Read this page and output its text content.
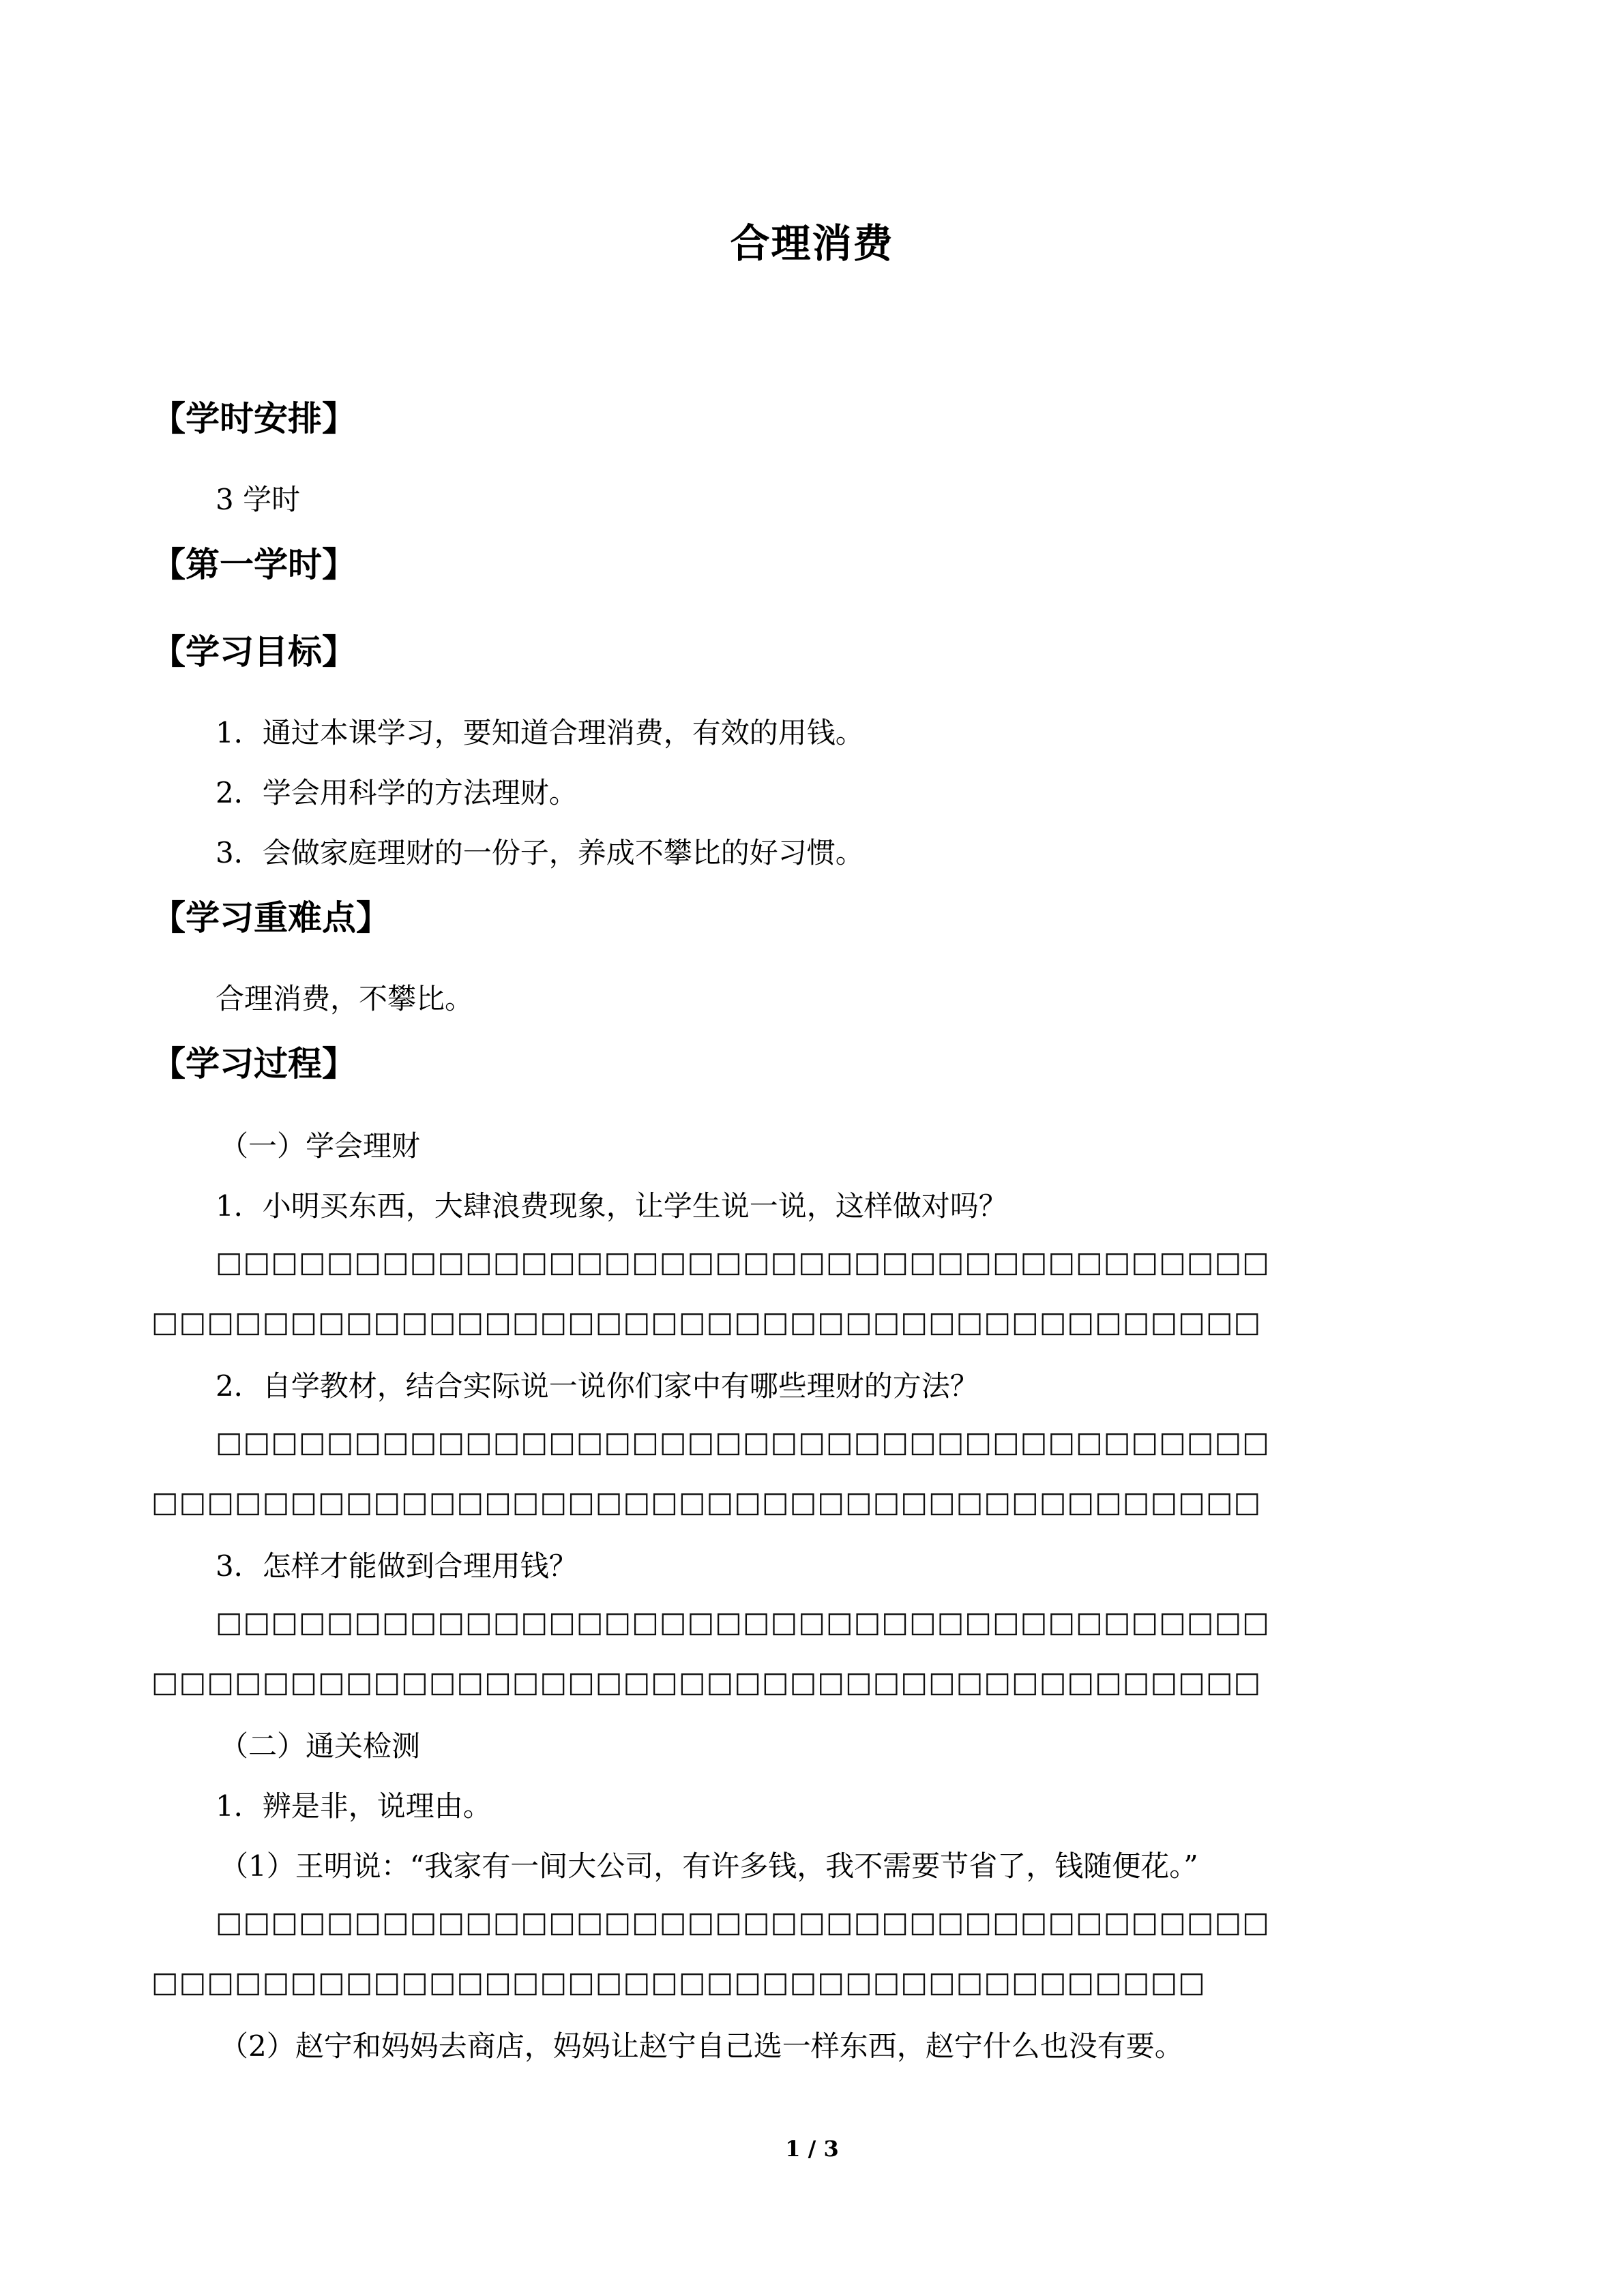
合理消费
【学时安排】
3 学时
【第一学时】
【学习目标】
1．通过本课学习，要知道合理消费，有效的用钱。
2．学会用科学的方法理财。
3．会做家庭理财的一份子，养成不攀比的好习惯。
【学习重难点】
合理消费，不攀比。
【学习过程】
（一）学会理财
1．小明买东西，大肆浪费现象，让学生说一说，这样做对吗？
□□□□□□□□□□□□□□□□□□□□□□□□□□□□□□□□□□□□□□
□□□□□□□□□□□□□□□□□□□□□□□□□□□□□□□□□□□□□□□□
2．自学教材，结合实际说一说你们家中有哪些理财的方法？
□□□□□□□□□□□□□□□□□□□□□□□□□□□□□□□□□□□□□□
□□□□□□□□□□□□□□□□□□□□□□□□□□□□□□□□□□□□□□□□
3．怎样才能做到合理用钱？
□□□□□□□□□□□□□□□□□□□□□□□□□□□□□□□□□□□□□□
□□□□□□□□□□□□□□□□□□□□□□□□□□□□□□□□□□□□□□□□
（二）通关检测
1．辨是非，说理由。
（1）王明说：“我家有一间大公司，有许多钱，我不需要节省了，钱随便花。”
□□□□□□□□□□□□□□□□□□□□□□□□□□□□□□□□□□□□□□
□□□□□□□□□□□□□□□□□□□□□□□□□□□□□□□□□□□□□□
（2）赵宁和妈妈去商店，妈妈让赵宁自己选一样东西，赵宁什么也没有要。
1 / 3
